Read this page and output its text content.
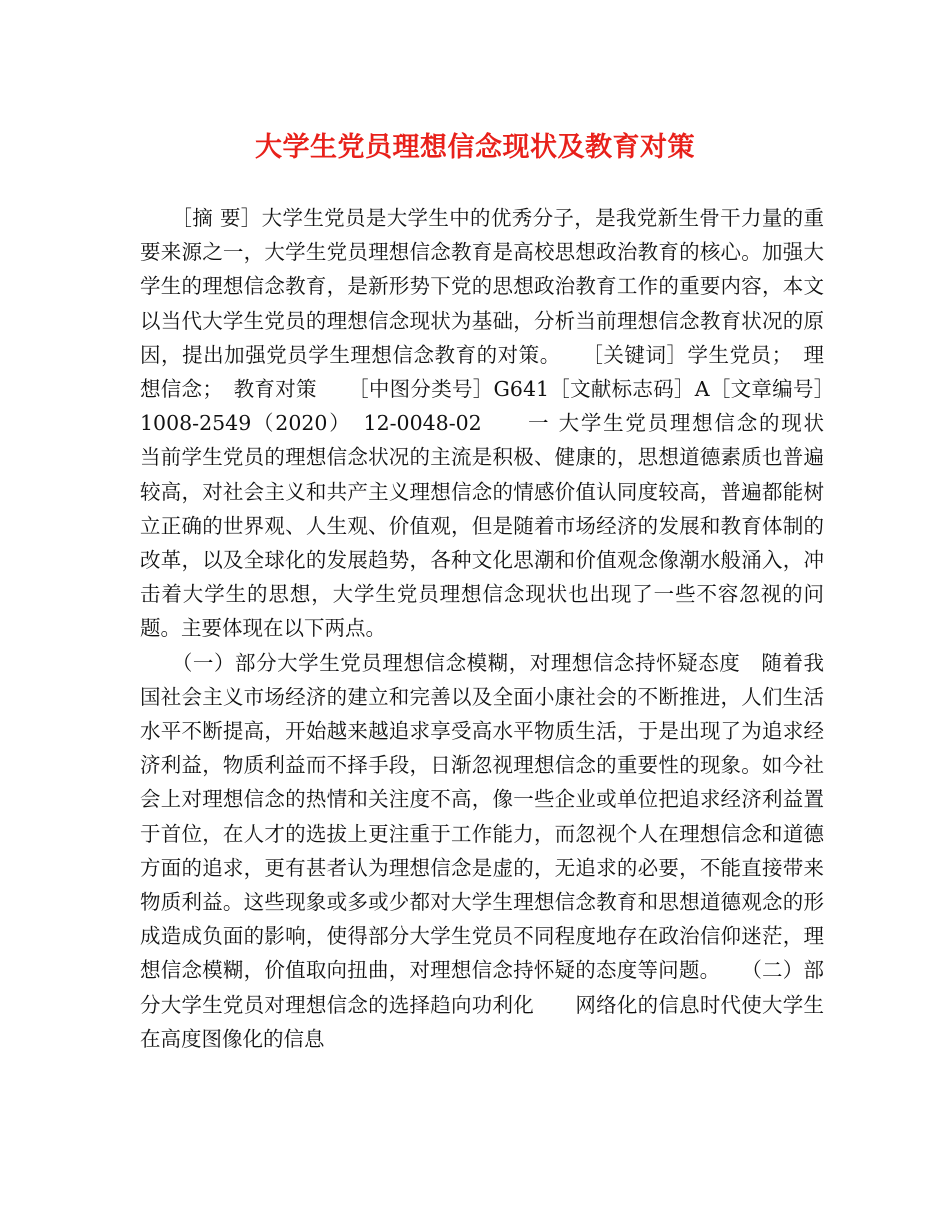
大学生党员理想信念现状及教育对策

　　［摘 要］大学生党员是大学生中的优秀分子，是我党新生骨干力量的重要来源之一，大学生党员理想信念教育是高校思想政治教育的核心。加强大学生的理想信念教育，是新形势下党的思想政治教育工作的重要内容，本文以当代大学生党员的理想信念现状为基础，分析当前理想信念教育状况的原因，提出加强党员学生理想信念教育的对策。　　［关键词］学生党员；　理想信念；　教育对策　　［中图分类号］G641［文献标志码］A［文章编号］1008-2549（2020）　12-0048-02　　一 大学生党员理想信念的现状　　当前学生党员的理想信念状况的主流是积极、健康的，思想道德素质也普遍较高，对社会主义和共产主义理想信念的情感价值认同度较高，普遍都能树立正确的世界观、人生观、价值观，但是随着市场经济的发展和教育体制的改革，以及全球化的发展趋势，各种文化思潮和价值观念像潮水般涌入，冲击着大学生的思想，大学生党员理想信念现状也出现了一些不容忽视的问题。主要体现在以下两点。

　　（一）部分大学生党员理想信念模糊，对理想信念持怀疑态度　随着我国社会主义市场经济的建立和完善以及全面小康社会的不断推进，人们生活水平不断提高，开始越来越追求享受高水平物质生活，于是出现了为追求经济利益，物质利益而不择手段，日渐忽视理想信念的重要性的现象。如今社会上对理想信念的热情和关注度不高，像一些企业或单位把追求经济利益置于首位，在人才的选拔上更注重于工作能力，而忽视个人在理想信念和道德方面的追求，更有甚者认为理想信念是虚的，无追求的必要，不能直接带来物质利益。这些现象或多或少都对大学生理想信念教育和思想道德观念的形成造成负面的影响，使得部分大学生党员不同程度地存在政治信仰迷茫，理想信念模糊，价值取向扭曲，对理想信念持怀疑的态度等问题。　　（二）部分大学生党员对理想信念的选择趋向功利化　　网络化的信息时代使大学生在高度图像化的信息
